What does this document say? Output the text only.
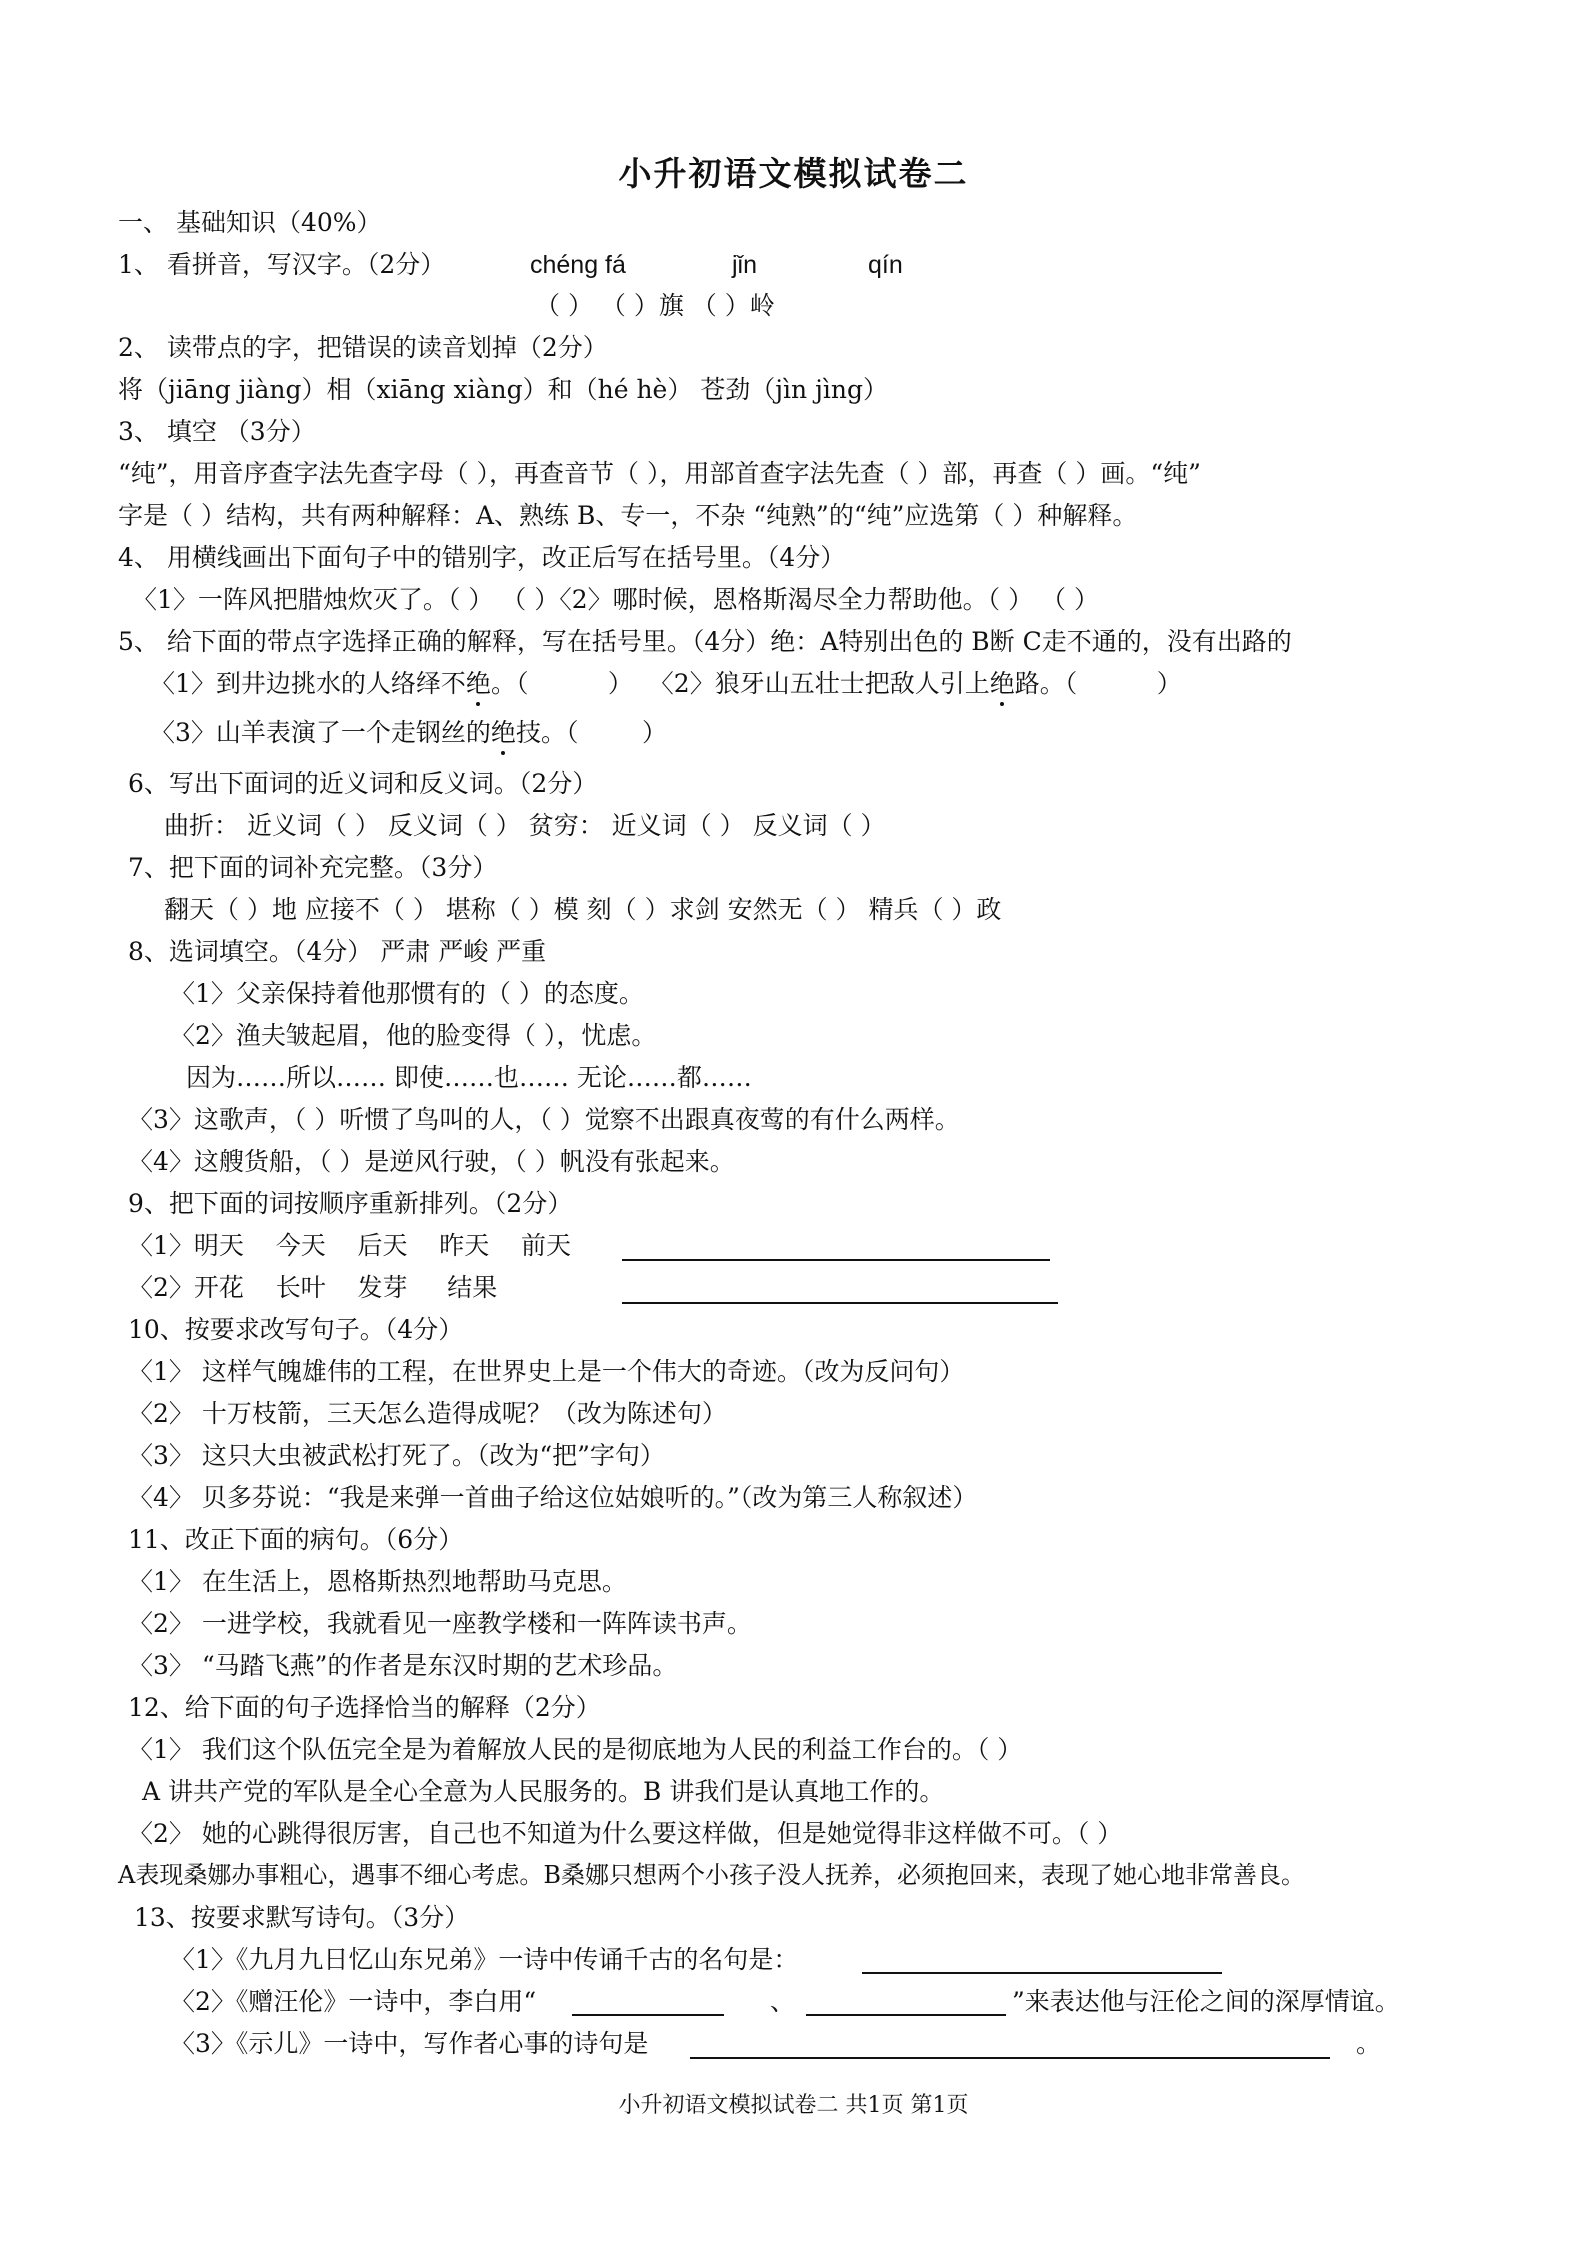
小升初语文模拟试卷二
一、 基础知识（40%）
1、 看拼音，写汉字。（2分）	chéng fá	jǐn	qín
（ ） （ ）旗 （ ）岭
2、 读带点的字，把错误的读音划掉（2分）
将（jiāng jiàng）相（xiāng xiàng）和（hé hè） 苍劲（jìn jìng）
3、 填空 （3分）
“纯”，用音序查字法先查字母（ ），再查音节（ ），用部首查字法先查（ ）部，再查（ ）画。“纯”
字是（ ）结构，共有两种解释：A、熟练 B、专一，不杂 “纯熟”的“纯”应选第（ ）种解释。
4、 用横线画出下面句子中的错别字，改正后写在括号里。（4分）
〈1〉一阵风把腊烛炊灭了。（ ） （ ）〈2〉哪时候，恩格斯渴尽全力帮助他。（ ） （ ）
5、 给下面的带点字选择正确的解释，写在括号里。（4分）绝：A特别出色的 B断 C走不通的，没有出路的
〈1〉到井边挑水的人络绎不绝。（          ）  〈2〉狼牙山五壮士把敌人引上绝路。（          ）
〈3〉山羊表演了一个走钢丝的绝技。（        ）
6、写出下面词的近义词和反义词。（2分）
曲折： 近义词（ ） 反义词（ ） 贫穷： 近义词（ ） 反义词（ ）
7、把下面的词补充完整。（3分）
翻天（ ）地 应接不（ ） 堪称（ ）模 刻（ ）求剑 安然无（ ） 精兵（ ）政
8、选词填空。（4分） 严肃 严峻 严重
〈1〉父亲保持着他那惯有的（ ）的态度。
〈2〉渔夫皱起眉，他的脸变得（ ），忧虑。
因为……所以…… 即使……也…… 无论……都……
〈3〉这歌声，（ ）听惯了鸟叫的人，（ ）觉察不出跟真夜莺的有什么两样。
〈4〉这艘货船，（ ）是逆风行驶，（ ）帆没有张起来。
9、把下面的词按顺序重新排列。（2分）
〈1〉明天    今天    后天    昨天    前天
〈2〉开花    长叶    发芽     结果
10、按要求改写句子。（4分）
〈1〉 这样气魄雄伟的工程，在世界史上是一个伟大的奇迹。（改为反问句）
〈2〉 十万枝箭，三天怎么造得成呢？（改为陈述句）
〈3〉 这只大虫被武松打死了。（改为“把”字句）
〈4〉 贝多芬说：“我是来弹一首曲子给这位姑娘听的。”（改为第三人称叙述）
11、改正下面的病句。（6分）
〈1〉 在生活上，恩格斯热烈地帮助马克思。
〈2〉 一进学校，我就看见一座教学楼和一阵阵读书声。
〈3〉 “马踏飞燕”的作者是东汉时期的艺术珍品。
12、给下面的句子选择恰当的解释（2分）
〈1〉 我们这个队伍完全是为着解放人民的是彻底地为人民的利益工作台的。（ ）
A 讲共产党的军队是全心全意为人民服务的。B 讲我们是认真地工作的。
〈2〉 她的心跳得很厉害，自己也不知道为什么要这样做，但是她觉得非这样做不可。（ ）
A表现桑娜办事粗心，遇事不细心考虑。B桑娜只想两个小孩子没人抚养，必须抱回来，表现了她心地非常善良。
13、按要求默写诗句。（3分）
〈1〉《九月九日忆山东兄弟》一诗中传诵千古的名句是：
〈2〉《赠汪伦》一诗中，李白用“	、	”来表达他与汪伦之间的深厚情谊。
〈3〉《示儿》一诗中，写作者心事的诗句是	。
小升初语文模拟试卷二 共1页 第1页
